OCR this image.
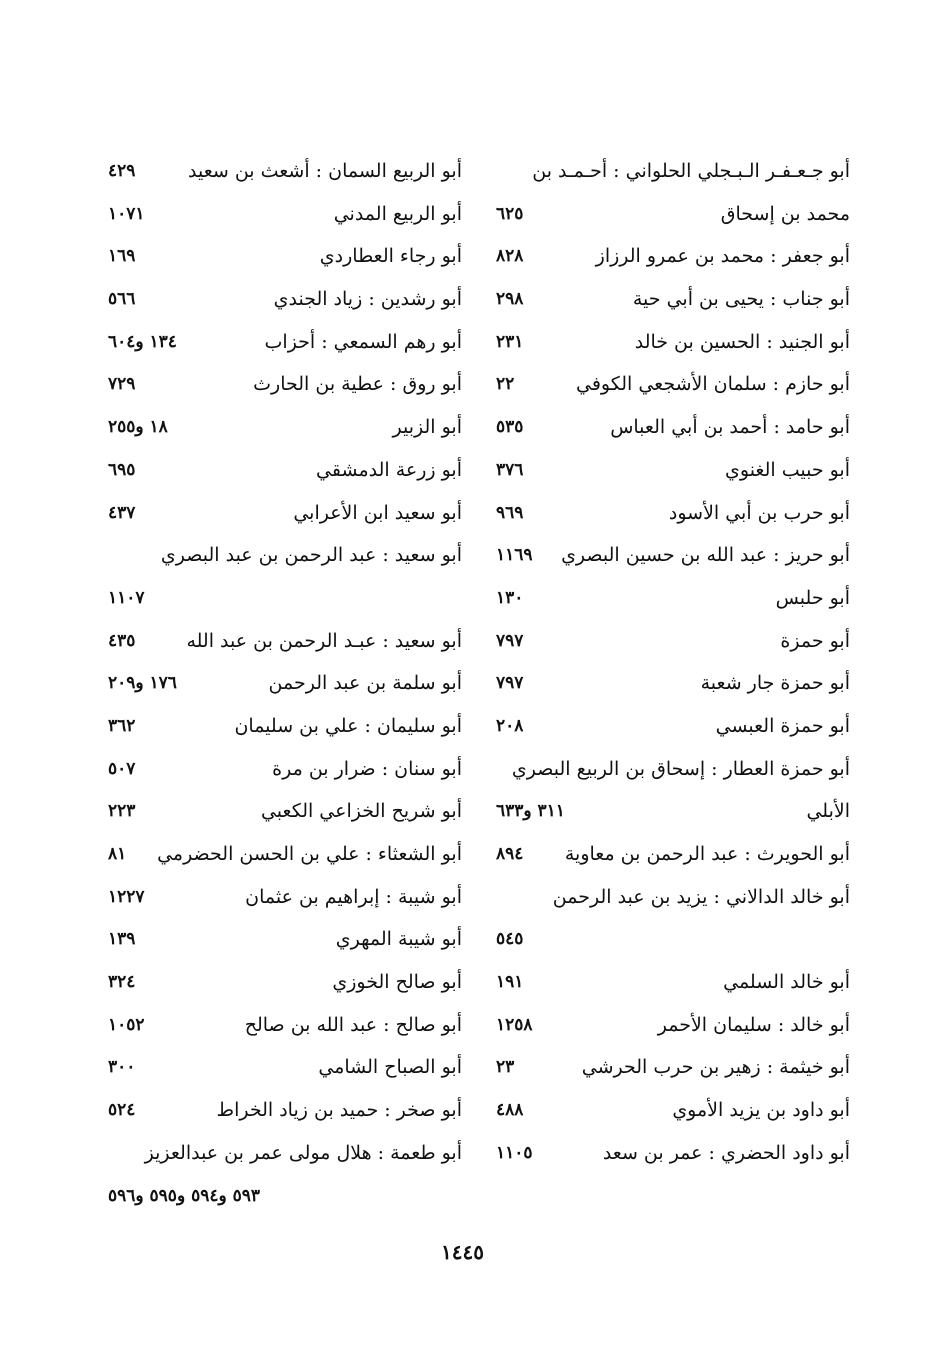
أبو جـعـفـر الـبـجلي الحلواني : أحـمـد بن
محمد بن إسحاق
٦٢٥
أبو جعفر : محمد بن عمرو الرزاز
٨٢٨
أبو جناب : يحيى بن أبي حية
٢٩٨
أبو الجنيد : الحسين بن خالد
٢٣١
أبو حازم : سلمان الأشجعي الكوفي
٢٢
أبو حامد : أحمد بن أبي العباس
٥٣٥
أبو حبيب الغنوي
٣٧٦
أبو حرب بن أبي الأسود
٩٦٩
أبو حريز : عبد الله بن حسين البصري
١١٦٩
أبو حلبس
١٣٠
أبو حمزة
٧٩٧
أبو حمزة جار شعبة
٧٩٧
أبو حمزة العبسي
٢٠٨
أبو حمزة العطار : إسحاق بن الربيع البصري
الأبلي
٣١١ و٦٣٣
أبو الحويرث : عبد الرحمن بن معاوية
٨٩٤
أبو خالد الدالاني : يزيد بن عبد الرحمن
٥٤٥
أبو خالد السلمي
١٩١
أبو خالد : سليمان الأحمر
١٢٥٨
أبو خيثمة : زهير بن حرب الحرشي
٢٣
أبو داود بن يزيد الأموي
٤٨٨
أبو داود الحضري : عمر بن سعد
١١٠٥
أبو الربيع السمان : أشعث بن سعيد
٤٢٩
أبو الربيع المدني
١٠٧١
أبو رجاء العطاردي
١٦٩
أبو رشدين : زياد الجندي
٥٦٦
أبو رهم السمعي : أحزاب
١٣٤ و٦٠٤
أبو روق : عطية بن الحارث
٧٢٩
أبو الزبير
١٨ و٢٥٥
أبو زرعة الدمشقي
٦٩٥
أبو سعيد ابن الأعرابي
٤٣٧
أبو سعيد : عبد الرحمن بن عبد البصري
١١٠٧
أبو سعيد : عبـد الرحمن بن عبد الله
٤٣٥
أبو سلمة بن عبد الرحمن
١٧٦ و٢٠٩
أبو سليمان : علي بن سليمان
٣٦٢
أبو سنان : ضرار بن مرة
٥٠٧
أبو شريح الخزاعي الكعبي
٢٢٣
أبو الشعثاء : علي بن الحسن الحضرمي
٨١
أبو شيبة : إبراهيم بن عثمان
١٢٢٧
أبو شيبة المهري
١٣٩
أبو صالح الخوزي
٣٢٤
أبو صالح : عبد الله بن صالح
١٠٥٢
أبو الصباح الشامي
٣٠٠
أبو صخر : حميد بن زياد الخراط
٥٢٤
أبو طعمة : هلال مولى عمر بن عبدالعزيز
٥٩٣ و٥٩٤ و٥٩٥ و٥٩٦
١٤٤٥
